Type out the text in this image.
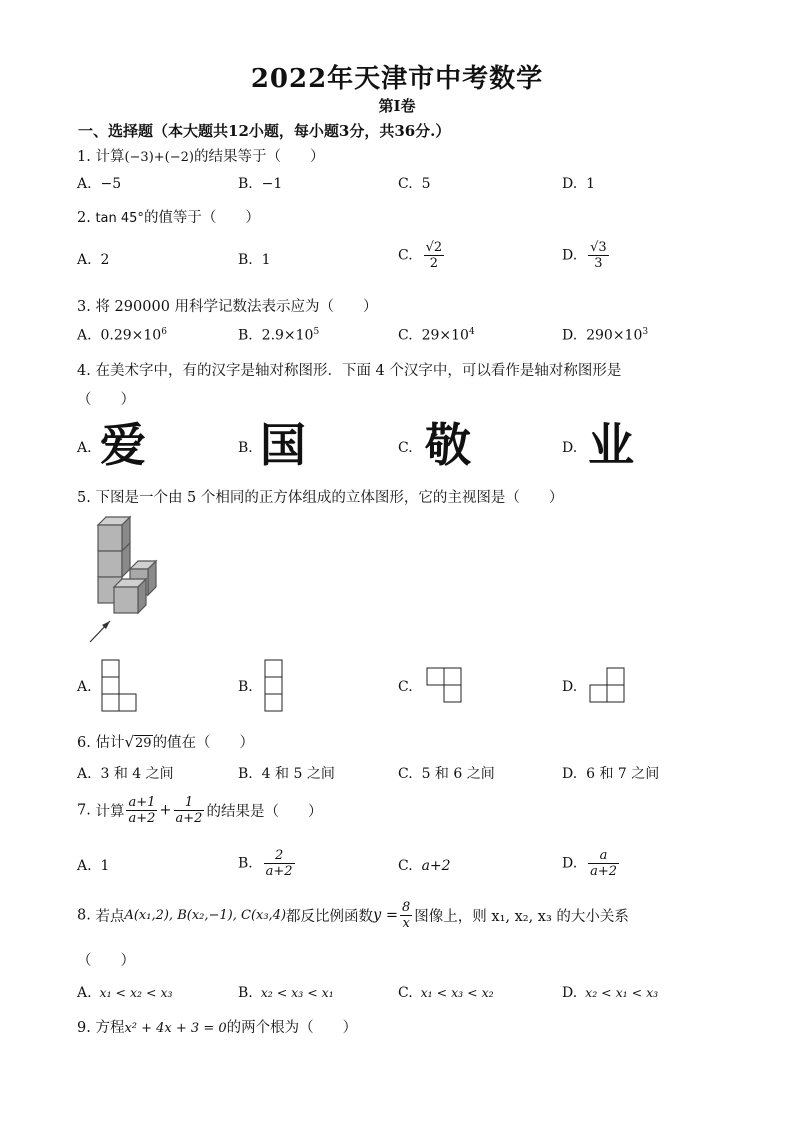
2022年天津市中考数学
第Ⅰ卷
一、选择题（本大题共12小题，每小题3分，共36分.）
1. 计算(−3)+(−2)的结果等于（　　）
A. −5	B. −1	C. 5	D. 1
2. tan 45°的值等于（　　）
A. 2	B. 1	C. $\frac{√2}{2}$	D. $\frac{√3}{3}$
3. 将 290000 用科学记数法表示应为（　　）
A. $0.29\times 10^6$	B. $2.9\times 10^5$	C. $29\times 10^4$	D. $290\times 10^3$
4. 在美术字中，有的汉字是轴对称图形．下面 4 个汉字中，可以看作是轴对称图形是
（　　）
A. 爱	B. 国	C. 敬	D. 业
5. 下图是一个由 5 个相同的正方体组成的立体图形，它的主视图是（　　）
A.	B.	C.	D.
6. 估计√29的值在（　　）
A. 3 和 4 之间	B. 4 和 5 之间	C. 5 和 6 之间	D. 6 和 7 之间
7. 计算 $\frac{a+1}{a+2} + \frac{1}{a+2}$ 的结果是（　　）
A. 1	B. $\frac{2}{a+2}$	C. a+2	D. $\frac{a}{a+2}$
8. 若点A(x₁,2), B(x₂,−1), C(x₃,4)都反比例函数$y = \frac{8}{x}$ 图像上，则 x₁, x₂, x₃ 的大小关系
（　　）
A. x₁ < x₂ < x₃	B. x₂ < x₃ < x₁	C. x₁ < x₃ < x₂	D. x₂ < x₁ < x₃
9. 方程x² + 4x + 3 = 0的两个根为（　　）
